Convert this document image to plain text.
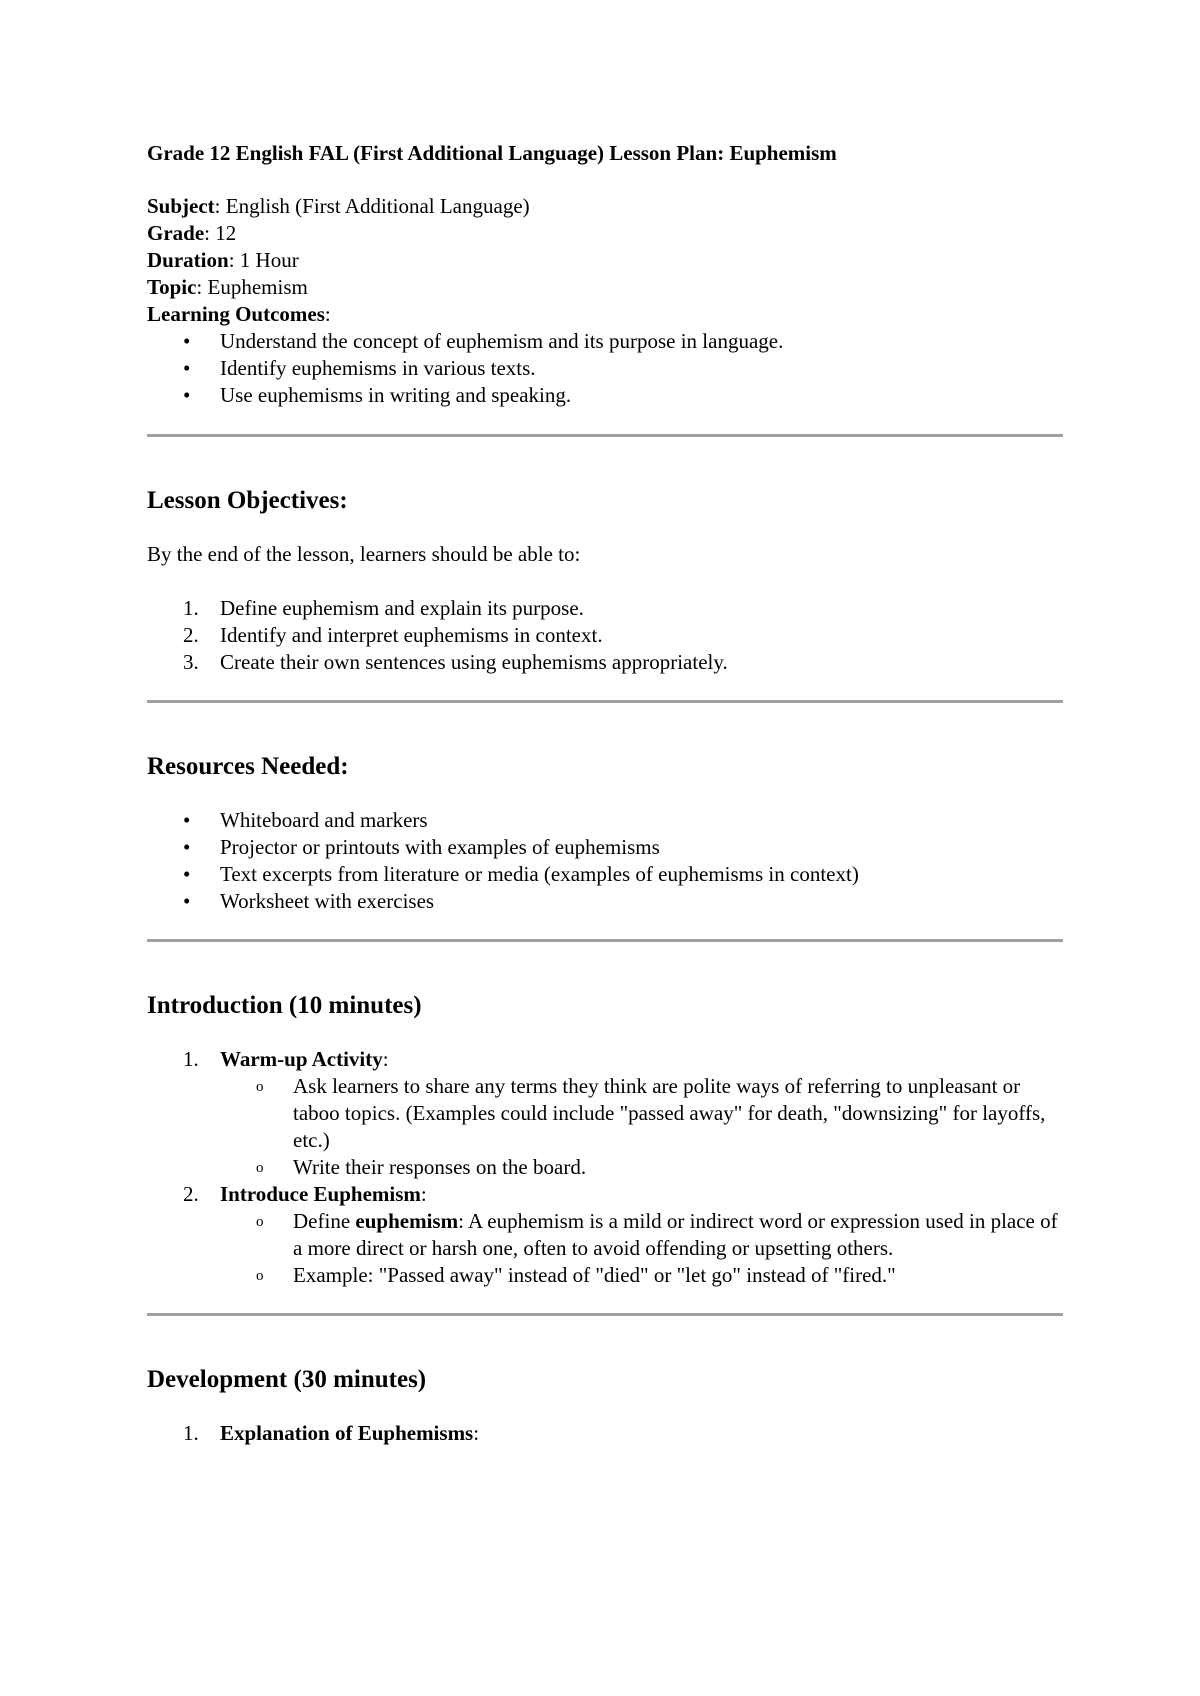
Grade 12 English FAL (First Additional Language) Lesson Plan: Euphemism

Subject: English (First Additional Language)

Grade: 12

Duration: 1 Hour

Topic: Euphemism

Learning Outcomes:

• Understand the concept of euphemism and its purpose in language.
• Identify euphemisms in various texts.
• Use euphemisms in writing and speaking.
Lesson Objectives:

By the end of the lesson, learners should be able to:

1. Define euphemism and explain its purpose.
2. Identify and interpret euphemisms in context.
3. Create their own sentences using euphemisms appropriately.
Resources Needed:
• Whiteboard and markers
• Projector or printouts with examples of euphemisms
• Text excerpts from literature or media (examples of euphemisms in context)
• Worksheet with exercises
Introduction (10 minutes)
1. Warm-up Activity:
o Ask learners to share any terms they think are polite ways of referring to unpleasant or taboo topics. (Examples could include "passed away" for death, "downsizing" for layoffs, etc.)
o Write their responses on the board.
2. Introduce Euphemism:
o Define euphemism: A euphemism is a mild or indirect word or expression used in place of a more direct or harsh one, often to avoid offending or upsetting others.
o Example: "Passed away" instead of "died" or "let go" instead of "fired."
Development (30 minutes)
1. Explanation of Euphemisms:
